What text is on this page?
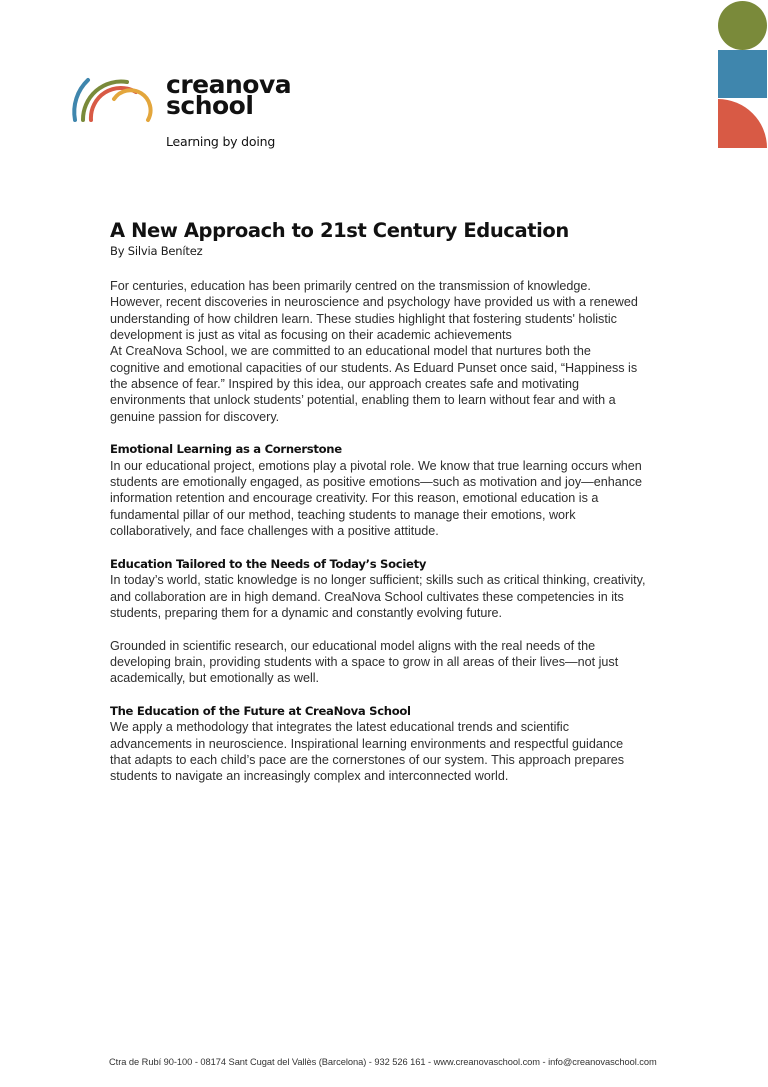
creanova
school
Learning by doing
A New Approach to 21st Century Education

By Silvia Benítez

For centuries, education has been primarily centred on the transmission of knowledge.
However, recent discoveries in neuroscience and psychology have provided us with a renewed
understanding of how children learn. These studies highlight that fostering students' holistic
development is just as vital as focusing on their academic achievements
At CreaNova School, we are committed to an educational model that nurtures both the
cognitive and emotional capacities of our students. As Eduard Punset once said, “Happiness is
the absence of fear.” Inspired by this idea, our approach creates safe and motivating
environments that unlock students’ potential, enabling them to learn without fear and with a
genuine passion for discovery.

Emotional Learning as a Cornerstone

In our educational project, emotions play a pivotal role. We know that true learning occurs when
students are emotionally engaged, as positive emotions—such as motivation and joy—enhance
information retention and encourage creativity. For this reason, emotional education is a
fundamental pillar of our method, teaching students to manage their emotions, work
collaboratively, and face challenges with a positive attitude.

Education Tailored to the Needs of Today’s Society

In today’s world, static knowledge is no longer sufficient; skills such as critical thinking, creativity,
and collaboration are in high demand. CreaNova School cultivates these competencies in its
students, preparing them for a dynamic and constantly evolving future.

Grounded in scientific research, our educational model aligns with the real needs of the
developing brain, providing students with a space to grow in all areas of their lives—not just
academically, but emotionally as well.

The Education of the Future at CreaNova School

We apply a methodology that integrates the latest educational trends and scientific
advancements in neuroscience. Inspirational learning environments and respectful guidance
that adapts to each child’s pace are the cornerstones of our system. This approach prepares
students to navigate an increasingly complex and interconnected world.

Ctra de Rubí 90-100 - 08174 Sant Cugat del Vallès (Barcelona) - 932 526 161 - www.creanovaschool.com - info@creanovaschool.com
